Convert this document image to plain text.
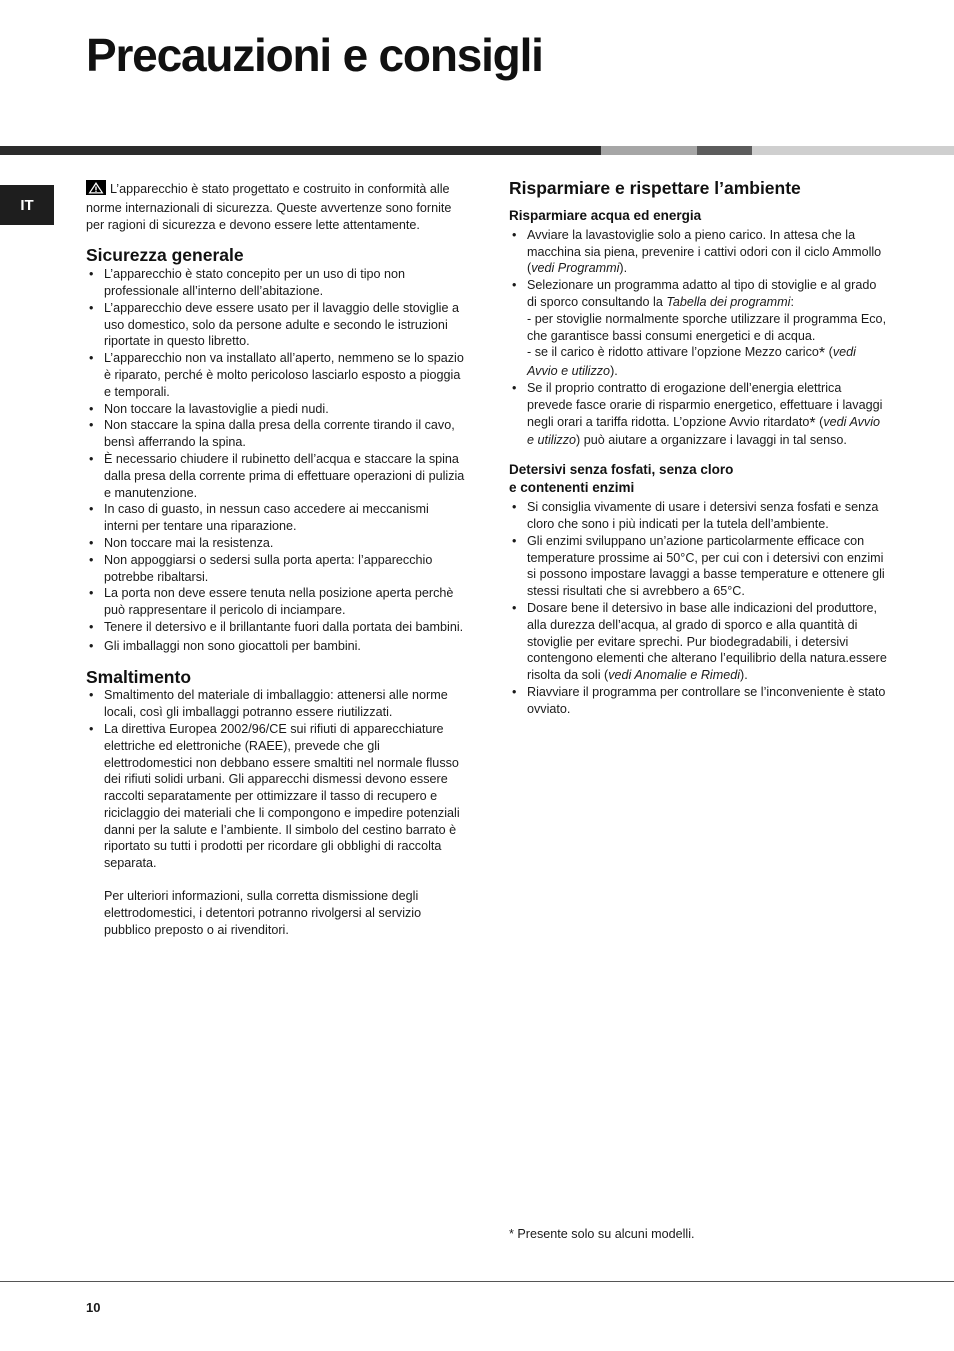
Precauzioni e consigli
IT

L’apparecchio è stato progettato e costruito in conformità alle norme internazionali di sicurezza. Queste avvertenze sono fornite per ragioni di sicurezza e devono essere lette attentamente.

Sicurezza generale
• L’apparecchio è stato concepito per un uso di tipo non professionale all’interno dell’abitazione.
• L’apparecchio deve essere usato per il lavaggio delle stoviglie a uso domestico, solo da persone adulte e secondo le istruzioni riportate in questo libretto.
• L’apparecchio non va installato all’aperto, nemmeno se lo spazio è riparato, perché è molto pericoloso lasciarlo esposto a pioggia e temporali.
• Non toccare la lavastoviglie a piedi nudi.
• Non staccare la spina dalla presa della corrente tirando il cavo, bensì afferrando la spina.
• È necessario chiudere il rubinetto dell’acqua e staccare la spina dalla presa della corrente prima di effettuare operazioni di pulizia e manutenzione.
• In caso di guasto, in nessun caso accedere ai meccanismi interni per tentare una riparazione.
• Non toccare mai la resistenza.
• Non appoggiarsi o sedersi sulla porta aperta: l’apparecchio potrebbe ribaltarsi.
• La porta non deve essere tenuta nella posizione aperta perchè può rappresentare il pericolo di inciampare.
• Tenere il detersivo e il brillantante fuori dalla portata dei bambini.
• Gli imballaggi non sono giocattoli per bambini.
Smaltimento
• Smaltimento del materiale di imballaggio: attenersi alle norme locali, così gli imballaggi potranno essere riutilizzati.
• La direttiva Europea 2002/96/CE sui rifiuti di apparecchiature elettriche ed elettroniche (RAEE), prevede che gli elettrodomestici non debbano essere smaltiti nel normale flusso dei rifiuti solidi urbani. Gli apparecchi dismessi devono essere raccolti separatamente per ottimizzare il tasso di recupero e riciclaggio dei materiali che li compongono e impedire potenziali danni per la salute e l’ambiente. Il simbolo del cestino barrato è riportato su tutti i prodotti per ricordare gli obblighi di raccolta separata.

Per ulteriori informazioni, sulla corretta dismissione degli elettrodomestici, i detentori potranno rivolgersi al servizio pubblico preposto o ai rivenditori.

Risparmiare e rispettare l’ambiente
Risparmiare acqua ed energia
• Avviare la lavastoviglie solo a pieno carico. In attesa che la macchina sia piena, prevenire i cattivi odori con il ciclo Ammollo (vedi Programmi).
• Selezionare un programma adatto al tipo di stoviglie e al grado di sporco consultando la Tabella dei programmi:
- per stoviglie normalmente sporche utilizzare il programma Eco, che garantisce bassi consumi energetici e di acqua.
- se il carico è ridotto attivare l’opzione Mezzo carico* (vedi Avvio e utilizzo).
• Se il proprio contratto di erogazione dell’energia elettrica prevede fasce orarie di risparmio energetico, effettuare i lavaggi negli orari a tariffa ridotta. L’opzione Avvio ritardato* (vedi Avvio e utilizzo) può aiutare a organizzare i lavaggi in tal senso.
Detersivi senza fosfati, senza cloro
e contenenti enzimi
• Si consiglia vivamente di usare i detersivi senza fosfati e senza cloro che sono i più indicati per la tutela dell’ambiente.
• Gli enzimi sviluppano un’azione particolarmente efficace con temperature prossime ai 50°C, per cui con i detersivi con enzimi si possono impostare lavaggi a basse temperature e ottenere gli stessi risultati che si avrebbero a 65°C.
• Dosare bene il detersivo in base alle indicazioni del produttore, alla durezza dell’acqua, al grado di sporco e alla quantità di stoviglie per evitare sprechi. Pur biodegradabili, i detersivi contengono elementi che alterano l’equilibrio della natura.essere risolta da soli (vedi Anomalie e Rimedi).
• Riavviare il programma per controllare se l’inconveniente è stato ovviato.
* Presente solo su alcuni modelli.
10
